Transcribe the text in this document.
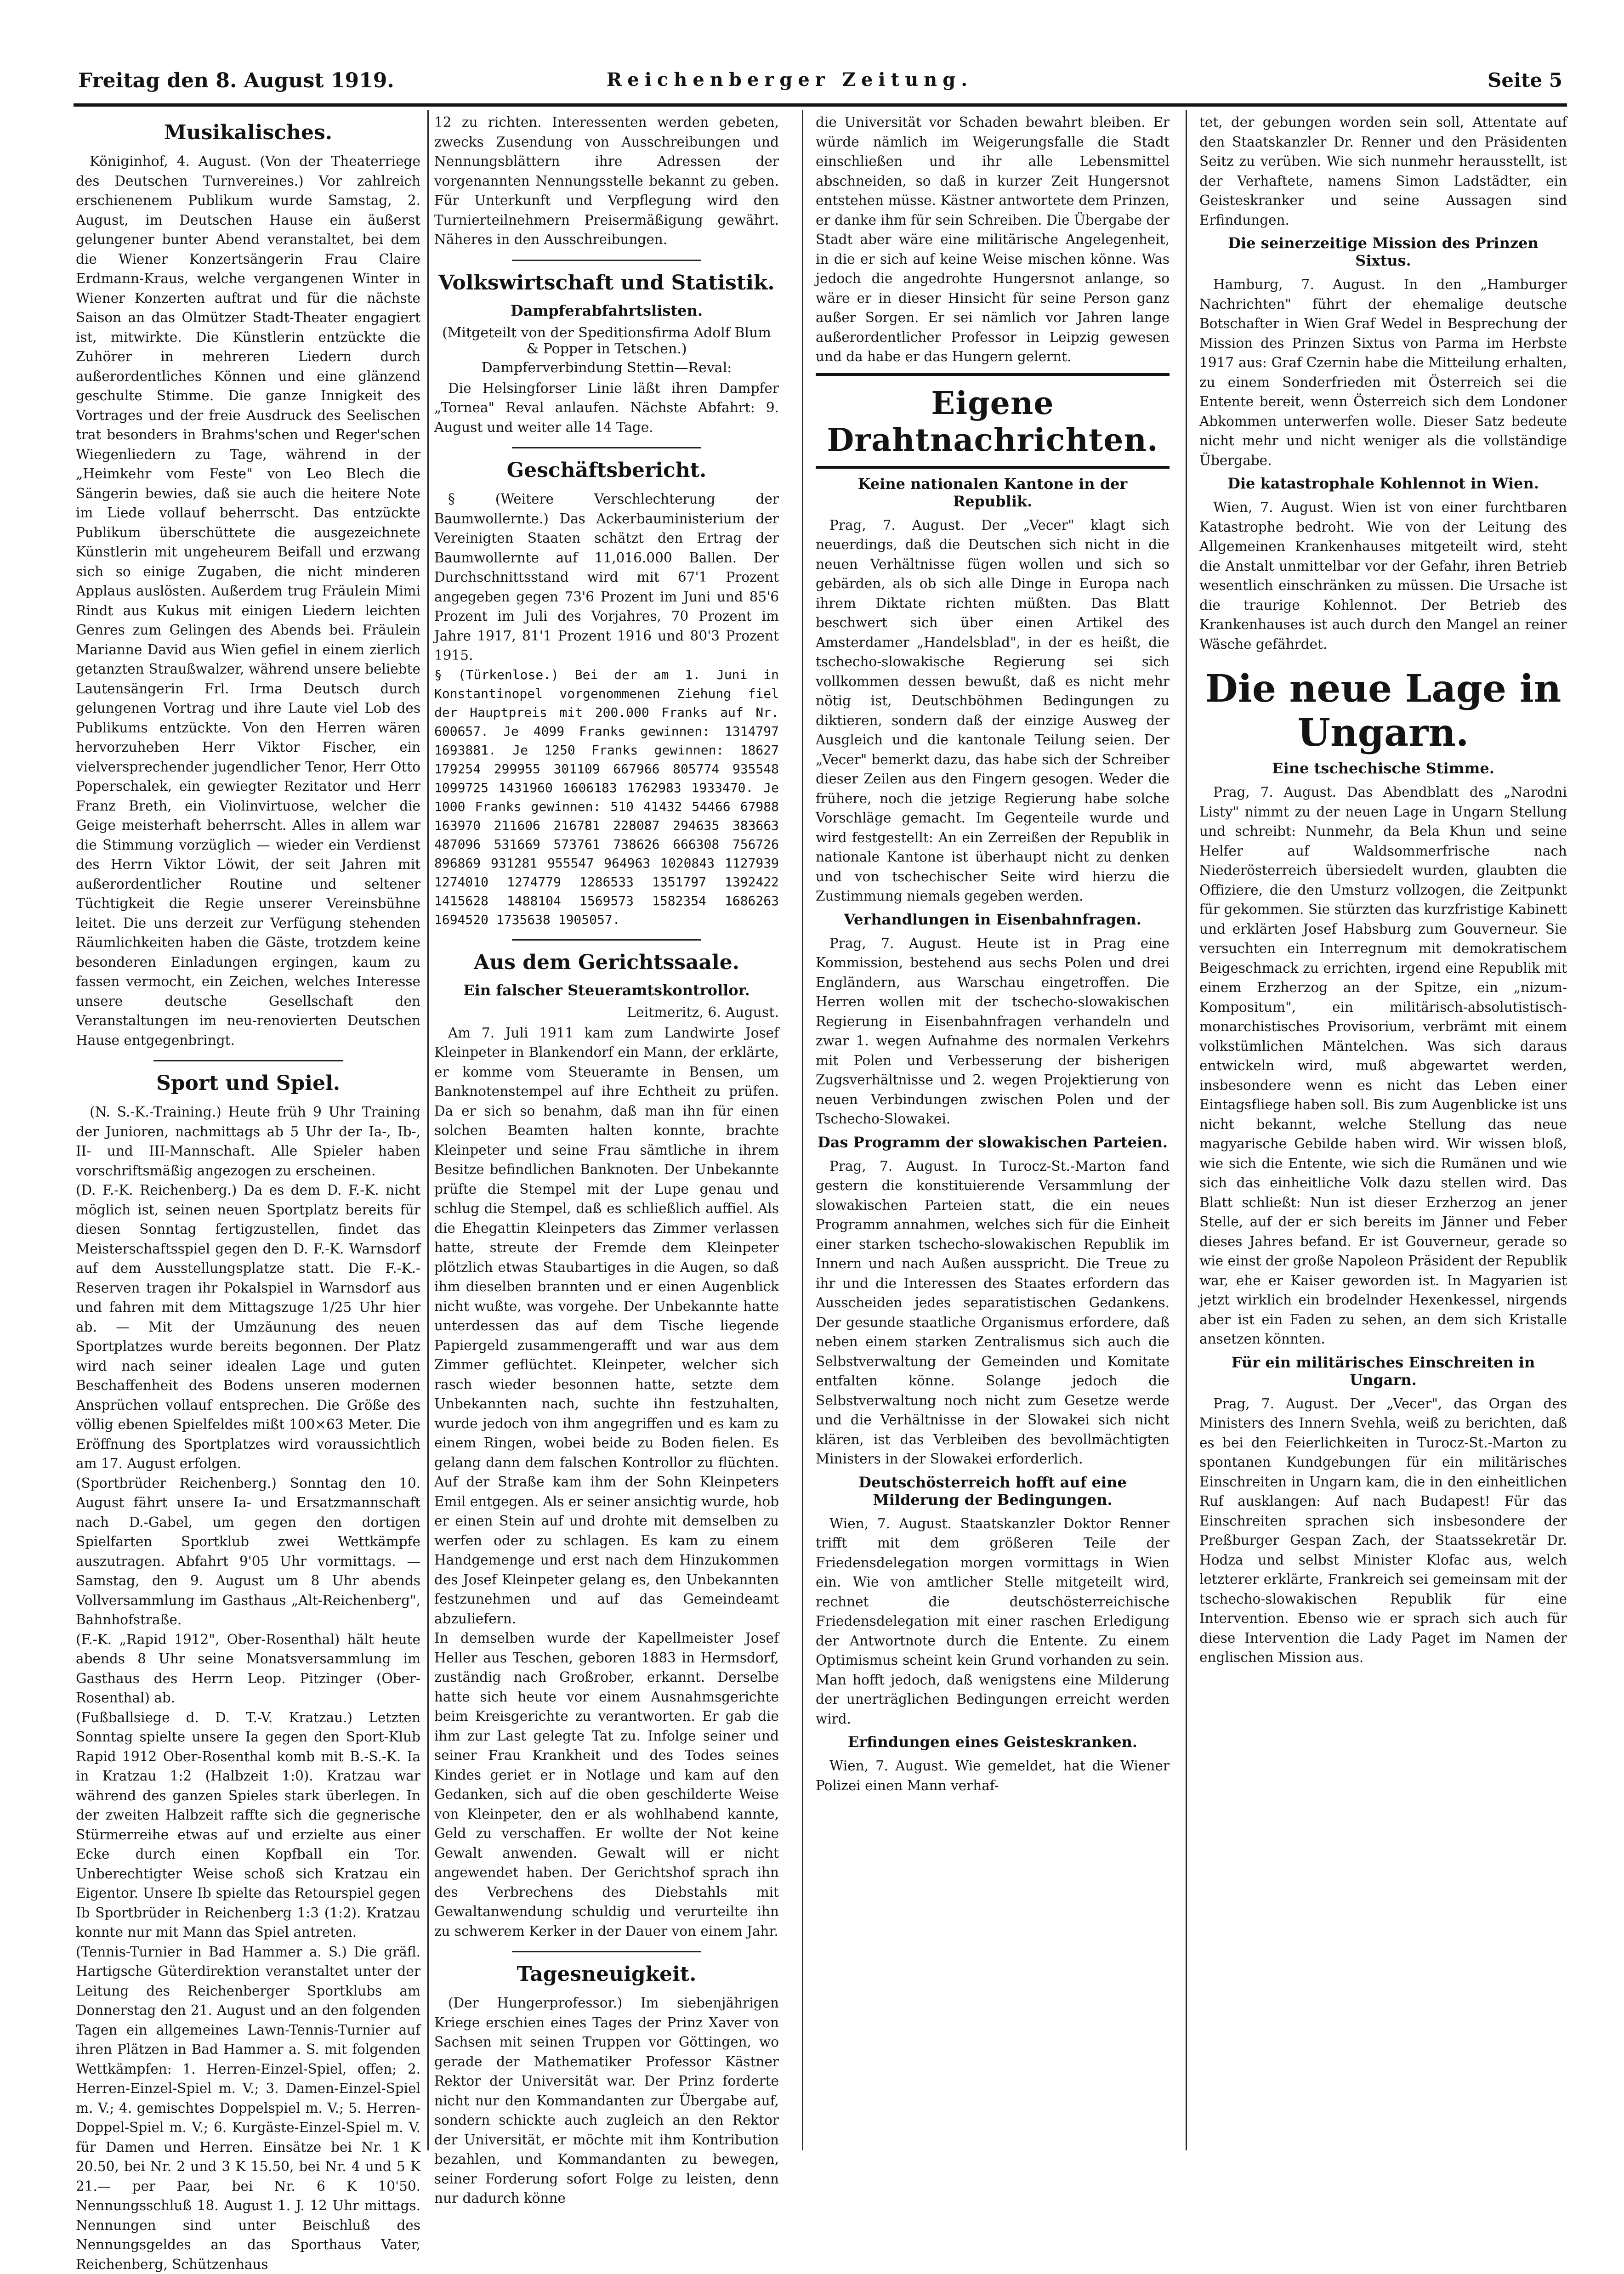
Freitag den 8. August 1919.	Reichenberger Zeitung.	Seite 5
Musikalisches.

Königinhof, 4. August. (Von der Theaterriege des Deutschen Turnvereines.) Vor zahlreich erschienenem Publikum wurde Samstag, 2. August, im Deutschen Hause ein äußerst gelungener bunter Abend veranstaltet, bei dem die Wiener Konzertsängerin Frau Claire Erdmann-Kraus, welche vergangenen Winter in Wiener Konzerten auftrat und für die nächste Saison an das Olmützer Stadt-Theater engagiert ist, mitwirkte. Die Künstlerin entzückte die Zuhörer in mehreren Liedern durch außerordentliches Können und eine glänzend geschulte Stimme. Die ganze Innigkeit des Vortrages und der freie Ausdruck des Seelischen trat besonders in Brahms'schen und Reger'schen Wiegenliedern zu Tage, während in der „Heimkehr vom Feste" von Leo Blech die Sängerin bewies, daß sie auch die heitere Note im Liede vollauf beherrscht. Das entzückte Publikum überschüttete die ausgezeichnete Künstlerin mit ungeheurem Beifall und erzwang sich so einige Zugaben, die nicht minderen Applaus auslösten. Außerdem trug Fräulein Mimi Rindt aus Kukus mit einigen Liedern leichten Genres zum Gelingen des Abends bei. Fräulein Marianne David aus Wien gefiel in einem zierlich getanzten Straußwalzer, während unsere beliebte Lautensängerin Frl. Irma Deutsch durch gelungenen Vortrag und ihre Laute viel Lob des Publikums entzückte. Von den Herren wären hervorzuheben Herr Viktor Fischer, ein vielversprechender jugendlicher Tenor, Herr Otto Poperschalek, ein gewiegter Rezitator und Herr Franz Breth, ein Violinvirtuose, welcher die Geige meisterhaft beherrscht. Alles in allem war die Stimmung vorzüglich — wieder ein Verdienst des Herrn Viktor Löwit, der seit Jahren mit außerordentlicher Routine und seltener Tüchtigkeit die Regie unserer Vereinsbühne leitet. Die uns derzeit zur Verfügung stehenden Räumlichkeiten haben die Gäste, trotzdem keine besonderen Einladungen ergingen, kaum zu fassen vermocht, ein Zeichen, welches Interesse unsere deutsche Gesellschaft den Veranstaltungen im neu-renovierten Deutschen Hause entgegenbringt.

Sport und Spiel.

(N. S.-K.-Training.) Heute früh 9 Uhr Training der Junioren, nachmittags ab 5 Uhr der Ia-, Ib-, II- und III-Mannschaft. Alle Spieler haben vorschriftsmäßig angezogen zu erscheinen.
(D. F.-K. Reichenberg.) Da es dem D. F.-K. nicht möglich ist, seinen neuen Sportplatz bereits für diesen Sonntag fertigzustellen, findet das Meisterschaftsspiel gegen den D. F.-K. Warnsdorf auf dem Ausstellungsplatze statt. Die F.-K.-Reserven tragen ihr Pokalspiel in Warnsdorf aus und fahren mit dem Mittagszuge 1/25 Uhr hier ab. — Mit der Umzäunung des neuen Sportplatzes wurde bereits begonnen. Der Platz wird nach seiner idealen Lage und guten Beschaffenheit des Bodens unseren modernen Ansprüchen vollauf entsprechen. Die Größe des völlig ebenen Spielfeldes mißt 100×63 Meter. Die Eröffnung des Sportplatzes wird voraussichtlich am 17. August erfolgen.
(Sportbrüder Reichenberg.) Sonntag den 10. August fährt unsere Ia- und Ersatzmannschaft nach D.-Gabel, um gegen den dortigen Spielfarten Sportklub zwei Wettkämpfe auszutragen. Abfahrt 9'05 Uhr vormittags. — Samstag, den 9. August um 8 Uhr abends Vollversammlung im Gasthaus „Alt-Reichenberg", Bahnhofstraße.
(F.-K. „Rapid 1912", Ober-Rosenthal) hält heute abends 8 Uhr seine Monatsversammlung im Gasthaus des Herrn Leop. Pitzinger (Ober-Rosenthal) ab.
(Fußballsiege d. D. T.-V. Kratzau.) Letzten Sonntag spielte unsere Ia gegen den Sport-Klub Rapid 1912 Ober-Rosenthal komb mit B.-S.-K. Ia in Kratzau 1:2 (Halbzeit 1:0). Kratzau war während des ganzen Spieles stark überlegen. In der zweiten Halbzeit raffte sich die gegnerische Stürmerreihe etwas auf und erzielte aus einer Ecke durch einen Kopfball ein Tor. Unberechtigter Weise schoß sich Kratzau ein Eigentor. Unsere Ib spielte das Retourspiel gegen Ib Sportbrüder in Reichenberg 1:3 (1:2). Kratzau konnte nur mit Mann das Spiel antreten.
(Tennis-Turnier in Bad Hammer a. S.) Die gräfl. Hartigsche Güterdirektion veranstaltet unter der Leitung des Reichenberger Sportklubs am Donnerstag den 21. August und an den folgenden Tagen ein allgemeines Lawn-Tennis-Turnier auf ihren Plätzen in Bad Hammer a. S. mit folgenden Wettkämpfen: 1. Herren-Einzel-Spiel, offen; 2. Herren-Einzel-Spiel m. V.; 3. Damen-Einzel-Spiel m. V.; 4. gemischtes Doppelspiel m. V.; 5. Herren-Doppel-Spiel m. V.; 6. Kurgäste-Einzel-Spiel m. V. für Damen und Herren. Einsätze bei Nr. 1 K 20.50, bei Nr. 2 und 3 K 15.50, bei Nr. 4 und 5 K 21.— per Paar, bei Nr. 6 K 10'50. Nennungsschluß 18. August 1. J. 12 Uhr mittags. Nennungen sind unter Beischluß des Nennungsgeldes an das Sporthaus Vater, Reichenberg, Schützenhaus

12 zu richten. Interessenten werden gebeten, zwecks Zusendung von Ausschreibungen und Nennungsblättern ihre Adressen der vorgenannten Nennungsstelle bekannt zu geben. Für Unterkunft und Verpflegung wird den Turnierteilnehmern Preisermäßigung gewährt. Näheres in den Ausschreibungen.

Volkswirtschaft und Statistik.
Dampferabfahrtslisten.
(Mitgeteilt von der Speditionsfirma Adolf Blum & Popper in Tetschen.)
Dampferverbindung Stettin—Reval:

Die Helsingforser Linie läßt ihren Dampfer „Tornea" Reval anlaufen. Nächste Abfahrt: 9. August und weiter alle 14 Tage.

Geschäftsbericht.

§ (Weitere Verschlechterung der Baumwollernte.) Das Ackerbauministerium der Vereinigten Staaten schätzt den Ertrag der Baumwollernte auf 11,016.000 Ballen. Der Durchschnittsstand wird mit 67'1 Prozent angegeben gegen 73'6 Prozent im Juni und 85'6 Prozent im Juli des Vorjahres, 70 Prozent im Jahre 1917, 81'1 Prozent 1916 und 80'3 Prozent 1915.

§ (Türkenlose.) Bei der am 1. Juni in Konstantinopel vorgenommenen Ziehung fiel der Hauptpreis mit 200.000 Franks auf Nr. 600657. Je 4099 Franks gewinnen: 1314797 1693881. Je 1250 Franks gewinnen: 18627 179254 299955 301109 667966 805774 935548 1099725 1431960 1606183 1762983 1933470. Je 1000 Franks gewinnen: 510 41432 54466 67988 163970 211606 216781 228087 294635 383663 487096 531669 573761 738626 666308 756726 896869 931281 955547 964963 1020843 1127939 1274010 1274779 1286533 1351797 1392422 1415628 1488104 1569573 1582354 1686263 1694520 1735638 1905057.

Aus dem Gerichtssaale.
Ein falscher Steueramtskontrollor.
Leitmeritz, 6. August.

Am 7. Juli 1911 kam zum Landwirte Josef Kleinpeter in Blankendorf ein Mann, der erklärte, er komme vom Steueramte in Bensen, um Banknotenstempel auf ihre Echtheit zu prüfen. Da er sich so benahm, daß man ihn für einen solchen Beamten halten konnte, brachte Kleinpeter und seine Frau sämtliche in ihrem Besitze befindlichen Banknoten. Der Unbekannte prüfte die Stempel mit der Lupe genau und schlug die Stempel, daß es schließlich auffiel. Als die Ehegattin Kleinpeters das Zimmer verlassen hatte, streute der Fremde dem Kleinpeter plötzlich etwas Staubartiges in die Augen, so daß ihm dieselben brannten und er einen Augenblick nicht wußte, was vorgehe. Der Unbekannte hatte unterdessen das auf dem Tische liegende Papiergeld zusammengerafft und war aus dem Zimmer geflüchtet. Kleinpeter, welcher sich rasch wieder besonnen hatte, setzte dem Unbekannten nach, suchte ihn festzuhalten, wurde jedoch von ihm angegriffen und es kam zu einem Ringen, wobei beide zu Boden fielen. Es gelang dann dem falschen Kontrollor zu flüchten. Auf der Straße kam ihm der Sohn Kleinpeters Emil entgegen. Als er seiner ansichtig wurde, hob er einen Stein auf und drohte mit demselben zu werfen oder zu schlagen. Es kam zu einem Handgemenge und erst nach dem Hinzukommen des Josef Kleinpeter gelang es, den Unbekannten festzunehmen und auf das Gemeindeamt abzuliefern.
In demselben wurde der Kapellmeister Josef Heller aus Teschen, geboren 1883 in Hermsdorf, zuständig nach Großrober, erkannt. Derselbe hatte sich heute vor einem Ausnahmsgerichte beim Kreisgerichte zu verantworten. Er gab die ihm zur Last gelegte Tat zu. Infolge seiner und seiner Frau Krankheit und des Todes seines Kindes geriet er in Notlage und kam auf den Gedanken, sich auf die oben geschilderte Weise von Kleinpeter, den er als wohlhabend kannte, Geld zu verschaffen. Er wollte der Not keine Gewalt anwenden. Gewalt will er nicht angewendet haben. Der Gerichtshof sprach ihn des Verbrechens des Diebstahls mit Gewaltanwendung schuldig und verurteilte ihn zu schwerem Kerker in der Dauer von einem Jahr.

Tagesneuigkeit.

(Der Hungerprofessor.) Im siebenjährigen Kriege erschien eines Tages der Prinz Xaver von Sachsen mit seinen Truppen vor Göttingen, wo gerade der Mathematiker Professor Kästner Rektor der Universität war. Der Prinz forderte nicht nur den Kommandanten zur Übergabe auf, sondern schickte auch zugleich an den Rektor der Universität, er möchte mit ihm Kontribution bezahlen, und Kommandanten zu bewegen, seiner Forderung sofort Folge zu leisten, denn nur dadurch könne

die Universität vor Schaden bewahrt bleiben. Er würde nämlich im Weigerungsfalle die Stadt einschließen und ihr alle Lebensmittel abschneiden, so daß in kurzer Zeit Hungersnot entstehen müsse. Kästner antwortete dem Prinzen, er danke ihm für sein Schreiben. Die Übergabe der Stadt aber wäre eine militärische Angelegenheit, in die er sich auf keine Weise mischen könne. Was jedoch die angedrohte Hungersnot anlange, so wäre er in dieser Hinsicht für seine Person ganz außer Sorgen. Er sei nämlich vor Jahren lange außerordentlicher Professor in Leipzig gewesen und da habe er das Hungern gelernt.

Eigene Drahtnachrichten.
Keine nationalen Kantone in der Republik.

Prag, 7. August. Der „Vecer" klagt sich neuerdings, daß die Deutschen sich nicht in die neuen Verhältnisse fügen wollen und sich so gebärden, als ob sich alle Dinge in Europa nach ihrem Diktate richten müßten. Das Blatt beschwert sich über einen Artikel des Amsterdamer „Handelsblad", in der es heißt, die tschecho-slowakische Regierung sei sich vollkommen dessen bewußt, daß es nicht mehr nötig ist, Deutschböhmen Bedingungen zu diktieren, sondern daß der einzige Ausweg der Ausgleich und die kantonale Teilung seien. Der „Vecer" bemerkt dazu, das habe sich der Schreiber dieser Zeilen aus den Fingern gesogen. Weder die frühere, noch die jetzige Regierung habe solche Vorschläge gemacht. Im Gegenteile wurde und wird festgestellt: An ein Zerreißen der Republik in nationale Kantone ist überhaupt nicht zu denken und von tschechischer Seite wird hierzu die Zustimmung niemals gegeben werden.

Verhandlungen in Eisenbahnfragen.

Prag, 7. August. Heute ist in Prag eine Kommission, bestehend aus sechs Polen und drei Engländern, aus Warschau eingetroffen. Die Herren wollen mit der tschecho-slowakischen Regierung in Eisenbahnfragen verhandeln und zwar 1. wegen Aufnahme des normalen Verkehrs mit Polen und Verbesserung der bisherigen Zugsverhältnisse und 2. wegen Projektierung von neuen Verbindungen zwischen Polen und der Tschecho-Slowakei.

Das Programm der slowakischen Parteien.

Prag, 7. August. In Turocz-St.-Marton fand gestern die konstituierende Versammlung der slowakischen Parteien statt, die ein neues Programm annahmen, welches sich für die Einheit einer starken tschecho-slowakischen Republik im Innern und nach Außen ausspricht. Die Treue zu ihr und die Interessen des Staates erfordern das Ausscheiden jedes separatistischen Gedankens. Der gesunde staatliche Organismus erfordere, daß neben einem starken Zentralismus sich auch die Selbstverwaltung der Gemeinden und Komitate entfalten könne. Solange jedoch die Selbstverwaltung noch nicht zum Gesetze werde und die Verhältnisse in der Slowakei sich nicht klären, ist das Verbleiben des bevollmächtigten Ministers in der Slowakei erforderlich.

Deutschösterreich hofft auf eine Milderung der Bedingungen.

Wien, 7. August. Staatskanzler Doktor Renner trifft mit dem größeren Teile der Friedensdelegation morgen vormittags in Wien ein. Wie von amtlicher Stelle mitgeteilt wird, rechnet die deutschösterreichische Friedensdelegation mit einer raschen Erledigung der Antwortnote durch die Entente. Zu einem Optimismus scheint kein Grund vorhanden zu sein. Man hofft jedoch, daß wenigstens eine Milderung der unerträglichen Bedingungen erreicht werden wird.

Erfindungen eines Geisteskranken.

Wien, 7. August. Wie gemeldet, hat die Wiener Polizei einen Mann verhaf-

tet, der gebungen worden sein soll, Attentate auf den Staatskanzler Dr. Renner und den Präsidenten Seitz zu verüben. Wie sich nunmehr herausstellt, ist der Verhaftete, namens Simon Ladstädter, ein Geisteskranker und seine Aussagen sind Erfindungen.

Die seinerzeitige Mission des Prinzen Sixtus.

Hamburg, 7. August. In den „Hamburger Nachrichten" führt der ehemalige deutsche Botschafter in Wien Graf Wedel in Besprechung der Mission des Prinzen Sixtus von Parma im Herbste 1917 aus: Graf Czernin habe die Mitteilung erhalten, zu einem Sonderfrieden mit Österreich sei die Entente bereit, wenn Österreich sich dem Londoner Abkommen unterwerfen wolle. Dieser Satz bedeute nicht mehr und nicht weniger als die vollständige Übergabe.

Die katastrophale Kohlennot in Wien.

Wien, 7. August. Wien ist von einer furchtbaren Katastrophe bedroht. Wie von der Leitung des Allgemeinen Krankenhauses mitgeteilt wird, steht die Anstalt unmittelbar vor der Gefahr, ihren Betrieb wesentlich einschränken zu müssen. Die Ursache ist die traurige Kohlennot. Der Betrieb des Krankenhauses ist auch durch den Mangel an reiner Wäsche gefährdet.

Die neue Lage in Ungarn.
Eine tschechische Stimme.

Prag, 7. August. Das Abendblatt des „Narodni Listy" nimmt zu der neuen Lage in Ungarn Stellung und schreibt: Nunmehr, da Bela Khun und seine Helfer auf Waldsommerfrische nach Niederösterreich übersiedelt wurden, glaubten die Offiziere, die den Umsturz vollzogen, die Zeitpunkt für gekommen. Sie stürzten das kurzfristige Kabinett und erklärten Josef Habsburg zum Gouverneur. Sie versuchten ein Interregnum mit demokratischem Beigeschmack zu errichten, irgend eine Republik mit einem Erzherzog an der Spitze, ein „nizum-Kompositum", ein militärisch-absolutistisch-monarchistisches Provisorium, verbrämt mit einem volkstümlichen Mäntelchen. Was sich daraus entwickeln wird, muß abgewartet werden, insbesondere wenn es nicht das Leben einer Eintagsfliege haben soll. Bis zum Augenblicke ist uns nicht bekannt, welche Stellung das neue magyarische Gebilde haben wird. Wir wissen bloß, wie sich die Entente, wie sich die Rumänen und wie sich das einheitliche Volk dazu stellen wird. Das Blatt schließt: Nun ist dieser Erzherzog an jener Stelle, auf der er sich bereits im Jänner und Feber dieses Jahres befand. Er ist Gouverneur, gerade so wie einst der große Napoleon Präsident der Republik war, ehe er Kaiser geworden ist. In Magyarien ist jetzt wirklich ein brodelnder Hexenkessel, nirgends aber ist ein Faden zu sehen, an dem sich Kristalle ansetzen könnten.

Für ein militärisches Einschreiten in Ungarn.

Prag, 7. August. Der „Vecer", das Organ des Ministers des Innern Svehla, weiß zu berichten, daß es bei den Feierlichkeiten in Turocz-St.-Marton zu spontanen Kundgebungen für ein militärisches Einschreiten in Ungarn kam, die in den einheitlichen Ruf ausklangen: Auf nach Budapest! Für das Einschreiten sprachen sich insbesondere der Preßburger Gespan Zach, der Staatssekretär Dr. Hodza und selbst Minister Klofac aus, welch letzterer erklärte, Frankreich sei gemeinsam mit der tschecho-slowakischen Republik für eine Intervention. Ebenso wie er sprach sich auch für diese Intervention die Lady Paget im Namen der englischen Mission aus.
